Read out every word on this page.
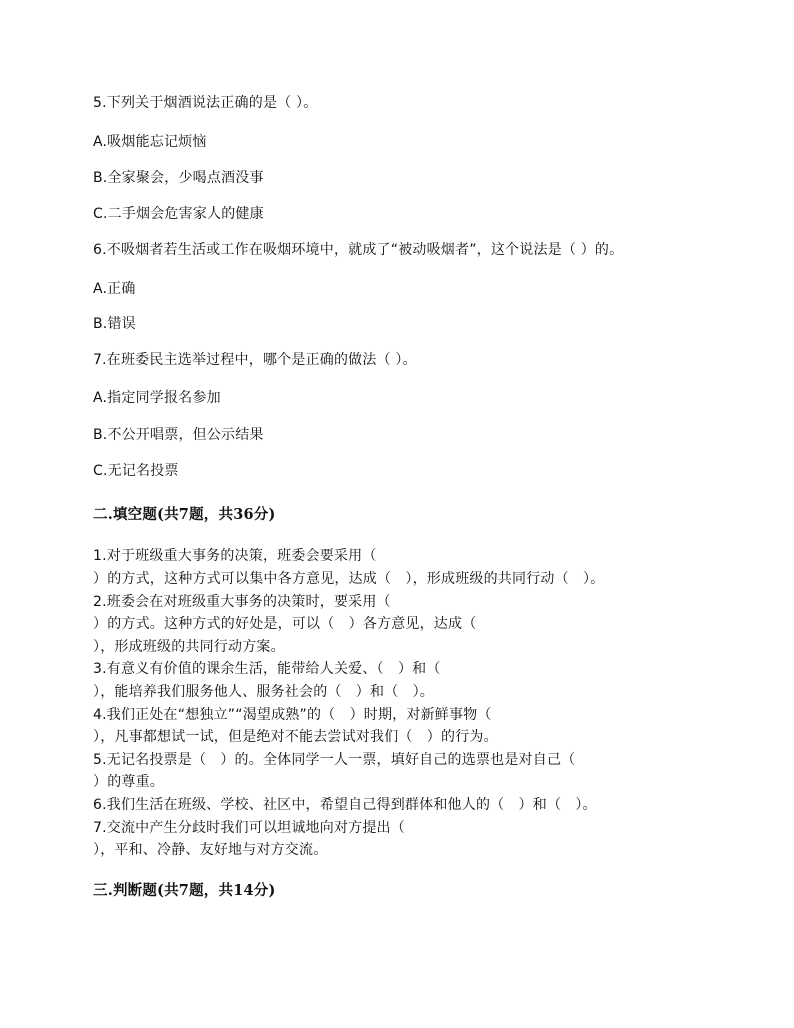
5.下列关于烟酒说法正确的是（ ）。
A.吸烟能忘记烦恼
B.全家聚会，少喝点酒没事
C.二手烟会危害家人的健康
6.不吸烟者若生活或工作在吸烟环境中，就成了“被动吸烟者”，这个说法是（ ）的。
A.正确
B.错误
7.在班委民主选举过程中，哪个是正确的做法（ ）。
A.指定同学报名参加
B.不公开唱票，但公示结果
C.无记名投票
二.填空题(共7题，共36分)
1.对于班级重大事务的决策，班委会要采用（
）的方式，这种方式可以集中各方意见，达成（　），形成班级的共同行动（　）。
2.班委会在对班级重大事务的决策时，要采用（
）的方式。这种方式的好处是，可以（　）各方意见，达成（
），形成班级的共同行动方案。
3.有意义有价值的课余生活，能带给人关爱、（　）和（
），能培养我们服务他人、服务社会的（　）和（　）。
4.我们正处在“想独立”“渴望成熟”的（　）时期，对新鲜事物（
），凡事都想试一试，但是绝对不能去尝试对我们（　）的行为。
5.无记名投票是（　）的。全体同学一人一票，填好自己的选票也是对自己（
）的尊重。
6.我们生活在班级、学校、社区中，希望自己得到群体和他人的（　）和（　）。
7.交流中产生分歧时我们可以坦诚地向对方提出（
），平和、冷静、友好地与对方交流。
三.判断题(共7题，共14分)
